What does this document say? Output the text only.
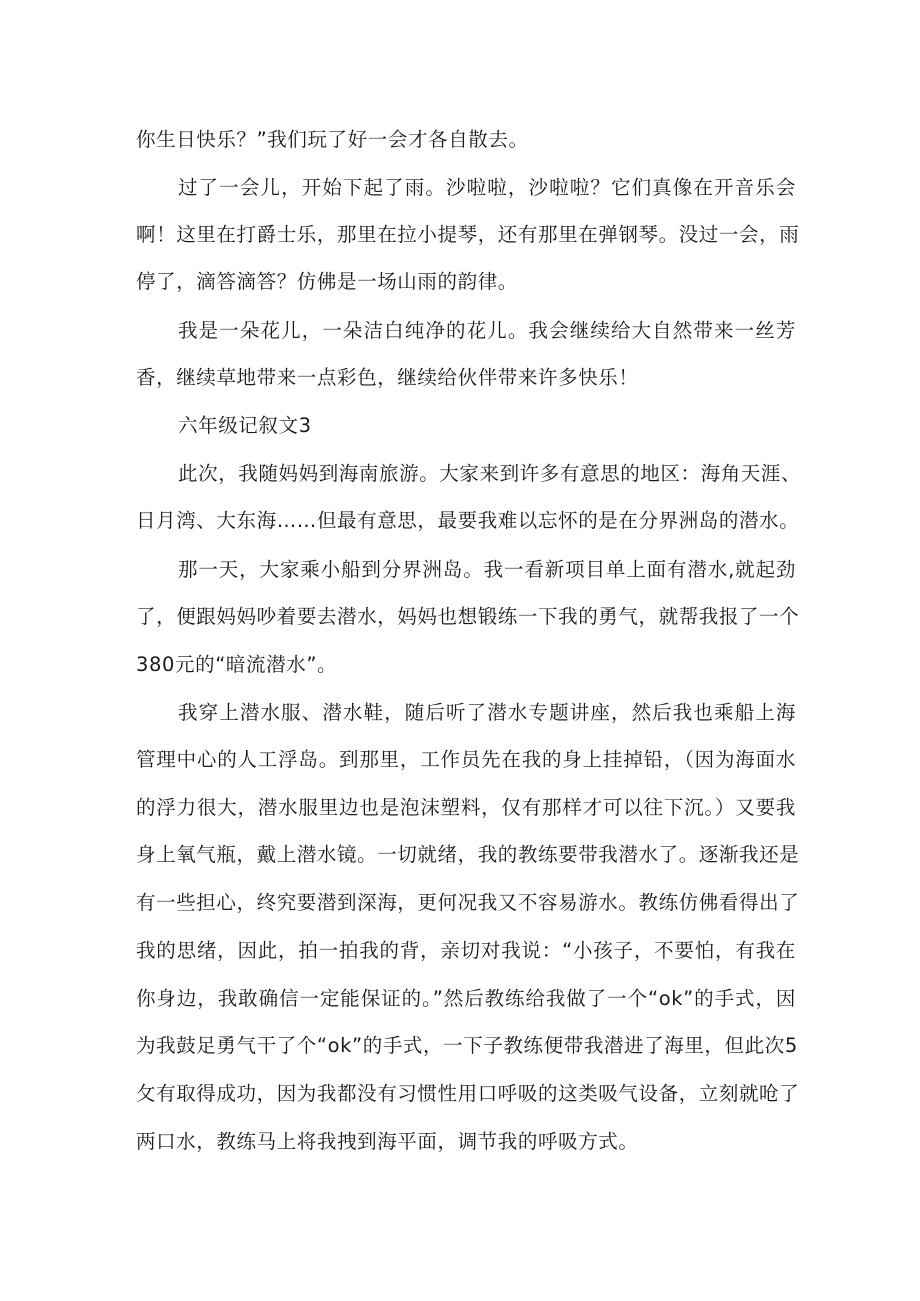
你生日快乐？”我们玩了好一会才各自散去。
过了一会儿，开始下起了雨。沙啦啦，沙啦啦？它们真像在开音乐会
啊！这里在打爵士乐，那里在拉小提琴，还有那里在弹钢琴。没过一会，雨
停了，滴答滴答？仿佛是一场山雨的韵律。
我是一朵花儿，一朵洁白纯净的花儿。我会继续给大自然带来一丝芳
香，继续草地带来一点彩色，继续给伙伴带来许多快乐！
六年级记叙文3
此次，我随妈妈到海南旅游。大家来到许多有意思的地区：海角天涯、
日月湾、大东海……但最有意思，最要我难以忘怀的是在分界洲岛的潜水。
那一天，大家乘小船到分界洲岛。我一看新项目单上面有潜水,就起劲
了，便跟妈妈吵着要去潜水，妈妈也想锻练一下我的勇气，就帮我报了一个
380元的“暗流潜水”。
我穿上潜水服、潜水鞋，随后听了潜水专题讲座，然后我也乘船上海
管理中心的人工浮岛。到那里，工作员先在我的身上挂掉铅，（因为海面水
的浮力很大，潜水服里边也是泡沫塑料，仅有那样才可以往下沉。）又要我
身上氧气瓶，戴上潜水镜。一切就绪，我的教练要带我潜水了。逐渐我还是
有一些担心，终究要潜到深海，更何况我又不容易游水。教练仿佛看得出了
我的思绪，因此，拍一拍我的背，亲切对我说：“小孩子，不要怕，有我在
你身边，我敢确信一定能保证的。”然后教练给我做了一个“ok”的手式，因
为我鼓足勇气干了个“ok”的手式，一下子教练便带我潜进了海里，但此次5
攵有取得成功，因为我都没有习惯性用口呼吸的这类吸气设备，立刻就呛了
两口水，教练马上将我拽到海平面，调节我的呼吸方式。
